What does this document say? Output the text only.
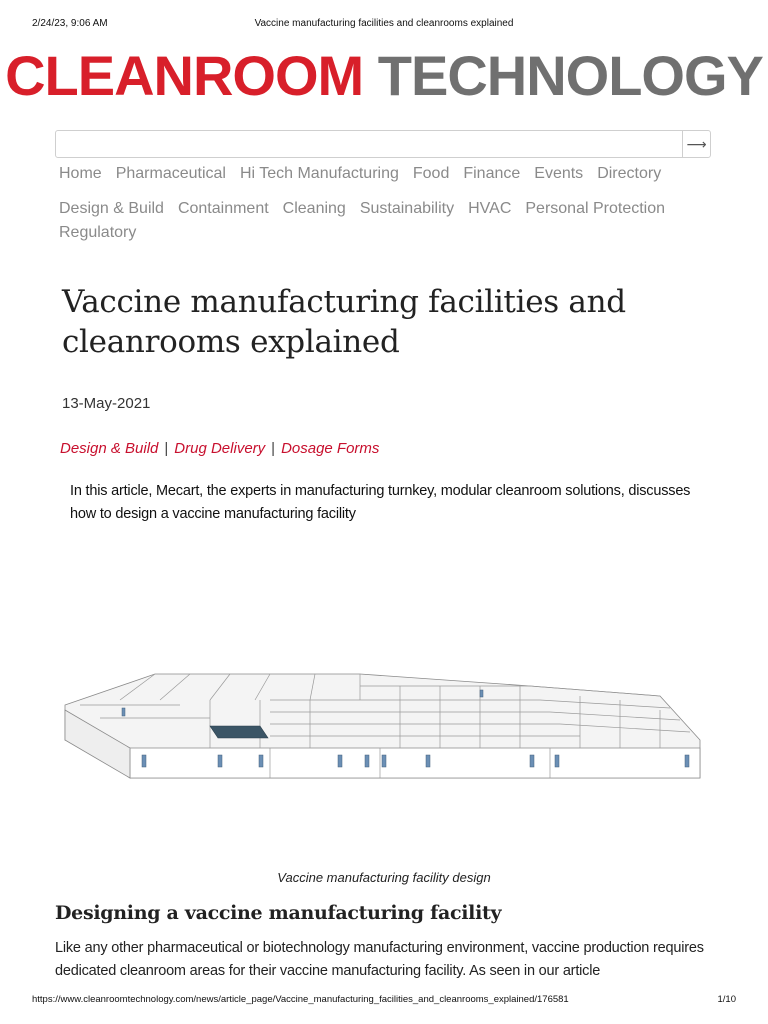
2/24/23, 9:06 AM	Vaccine manufacturing facilities and cleanrooms explained
CLEANROOM TECHNOLOGY
⟶
Home Pharmaceutical Hi Tech Manufacturing Food Finance Events Directory
Design & Build Containment Cleaning Sustainability HVAC Personal Protection
Regulatory
Vaccine manufacturing facilities and cleanrooms explained
13-May-2021
Design & Build | Drug Delivery | Dosage Forms
In this article, Mecart, the experts in manufacturing turnkey, modular cleanroom solutions, discusses how to design a vaccine manufacturing facility
Vaccine manufacturing facility design
Designing a vaccine manufacturing facility

Like any other pharmaceutical or biotechnology manufacturing environment, vaccine production requires dedicated cleanroom areas for their vaccine manufacturing facility. As seen in our article

https://www.cleanroomtechnology.com/news/article_page/Vaccine_manufacturing_facilities_and_cleanrooms_explained/176581	1/10
